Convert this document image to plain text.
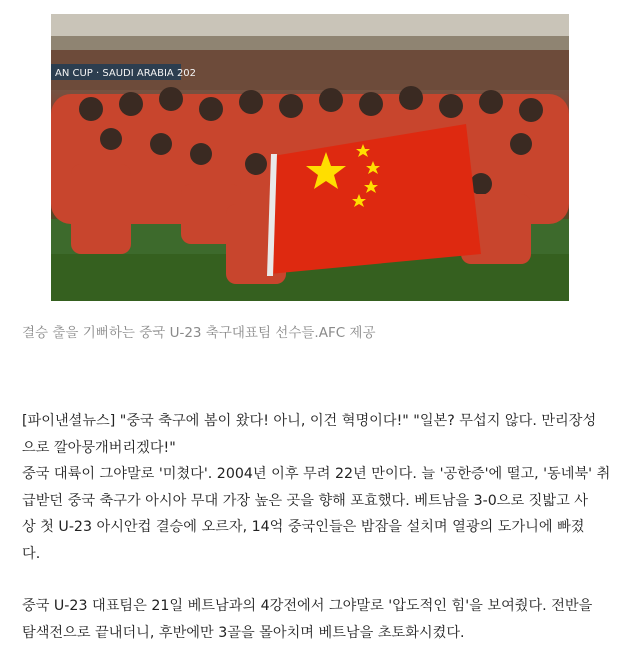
AN CUP · SAUDI ARABIA 202
결승 출을 기뻐하는 중국 U-23 축구대표팀 선수들.AFC 제공

[파이낸셜뉴스] "중국 축구에 봄이 왔다! 아니, 이건 혁명이다!" "일본? 무섭지 않다. 만리장성

으로 깔아뭉개버리겠다!"

중국 대륙이 그야말로 '미쳤다'. 2004년 이후 무려 22년 만이다. 늘 '공한증'에 떨고, '동네북' 취

급받던 중국 축구가 아시아 무대 가장 높은 곳을 향해 포효했다. 베트남을 3-0으로 짓밟고 사

상 첫 U-23 아시안컵 결승에 오르자, 14억 중국인들은 밤잠을 설치며 열광의 도가니에 빠졌

다.

중국 U-23 대표팀은 21일 베트남과의 4강전에서 그야말로 '압도적인 힘'을 보여줬다. 전반을

탐색전으로 끝내더니, 후반에만 3골을 몰아치며 베트남을 초토화시켰다.
